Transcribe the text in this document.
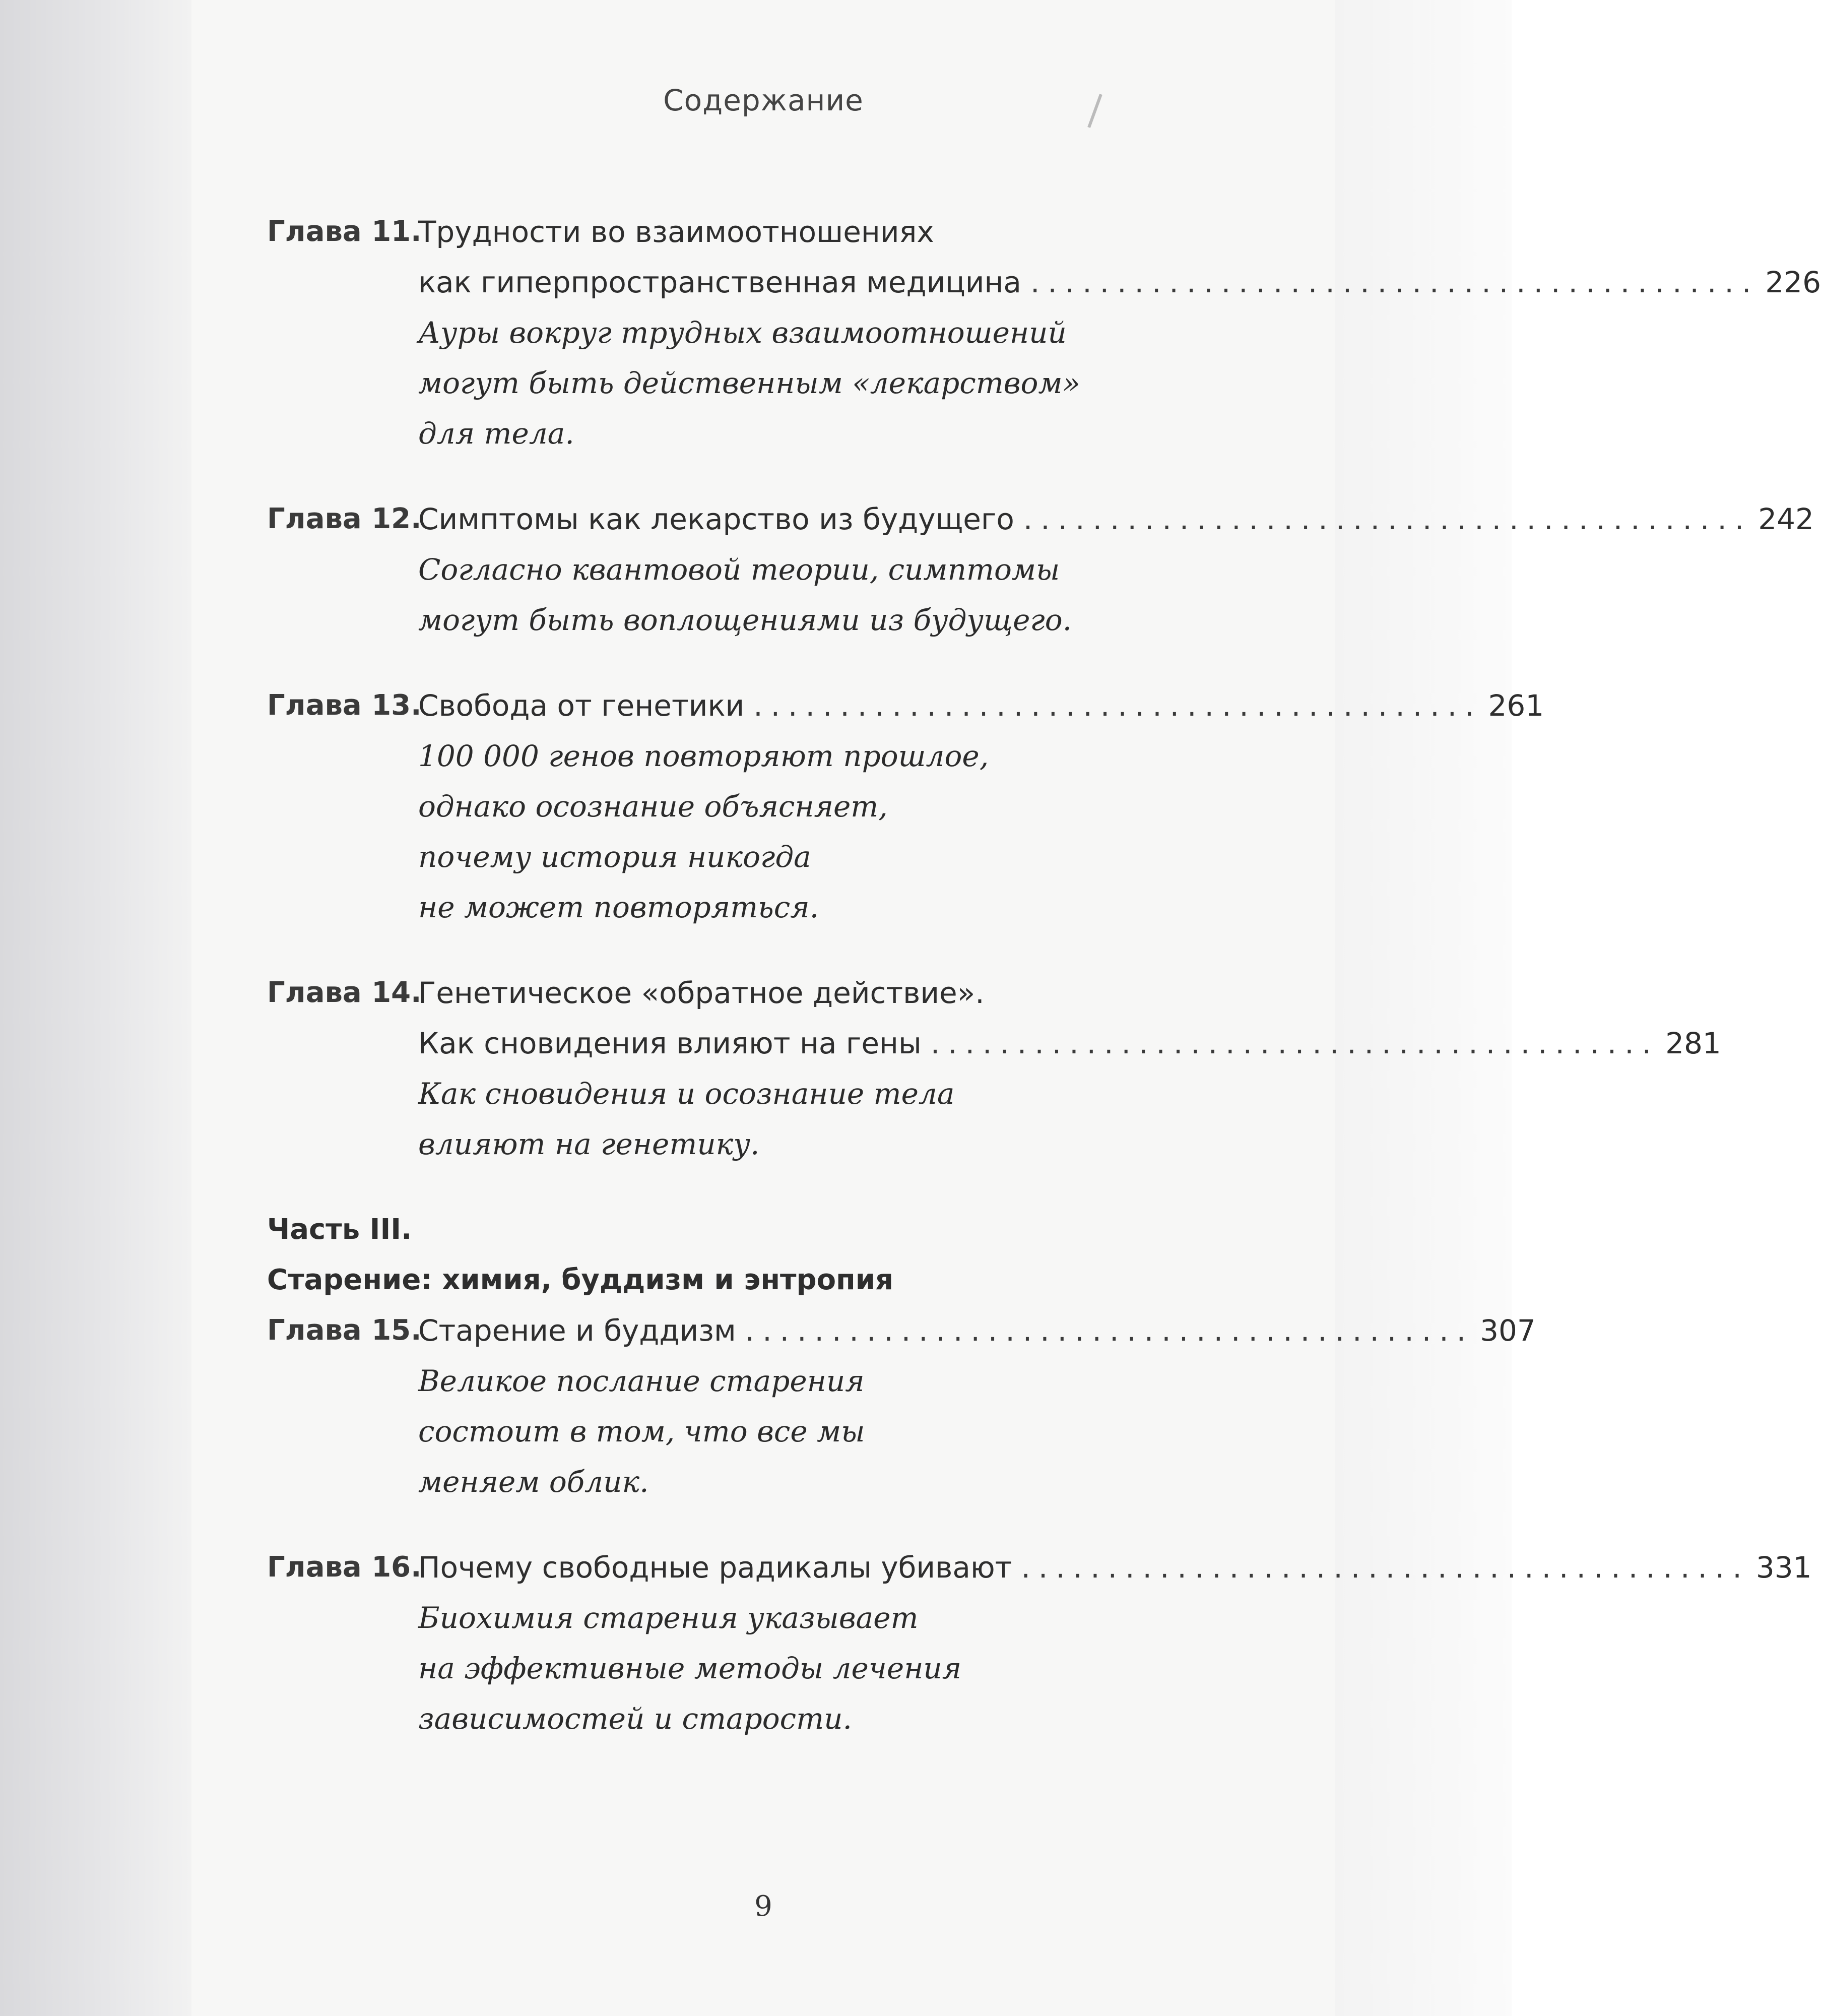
Содержание
Глава 11.
Трудности во взаимоотношениях
как гиперпространственная медицина .......................................... 226
Ауры вокруг трудных взаимоотношений
могут быть действенным «лекарством»
для тела.
Глава 12.
Симптомы как лекарство из будущего .......................................... 242
Согласно квантовой теории, симптомы
могут быть воплощениями из будущего.
Глава 13.
Свобода от генетики .......................................... 261
100 000 генов повторяют прошлое,
однако осознание объясняет,
почему история никогда
не может повторяться.
Глава 14.
Генетическое «обратное действие».
Как сновидения влияют на гены .......................................... 281
Как сновидения и осознание тела
влияют на генетику.
Часть III.
Старение: химия, буддизм и энтропия
Глава 15.
Старение и буддизм .......................................... 307
Великое послание старения
состоит в том, что все мы
меняем облик.
Глава 16.
Почему свободные радикалы убивают .......................................... 331
Биохимия старения указывает
на эффективные методы лечения
зависимостей и старости.
9
